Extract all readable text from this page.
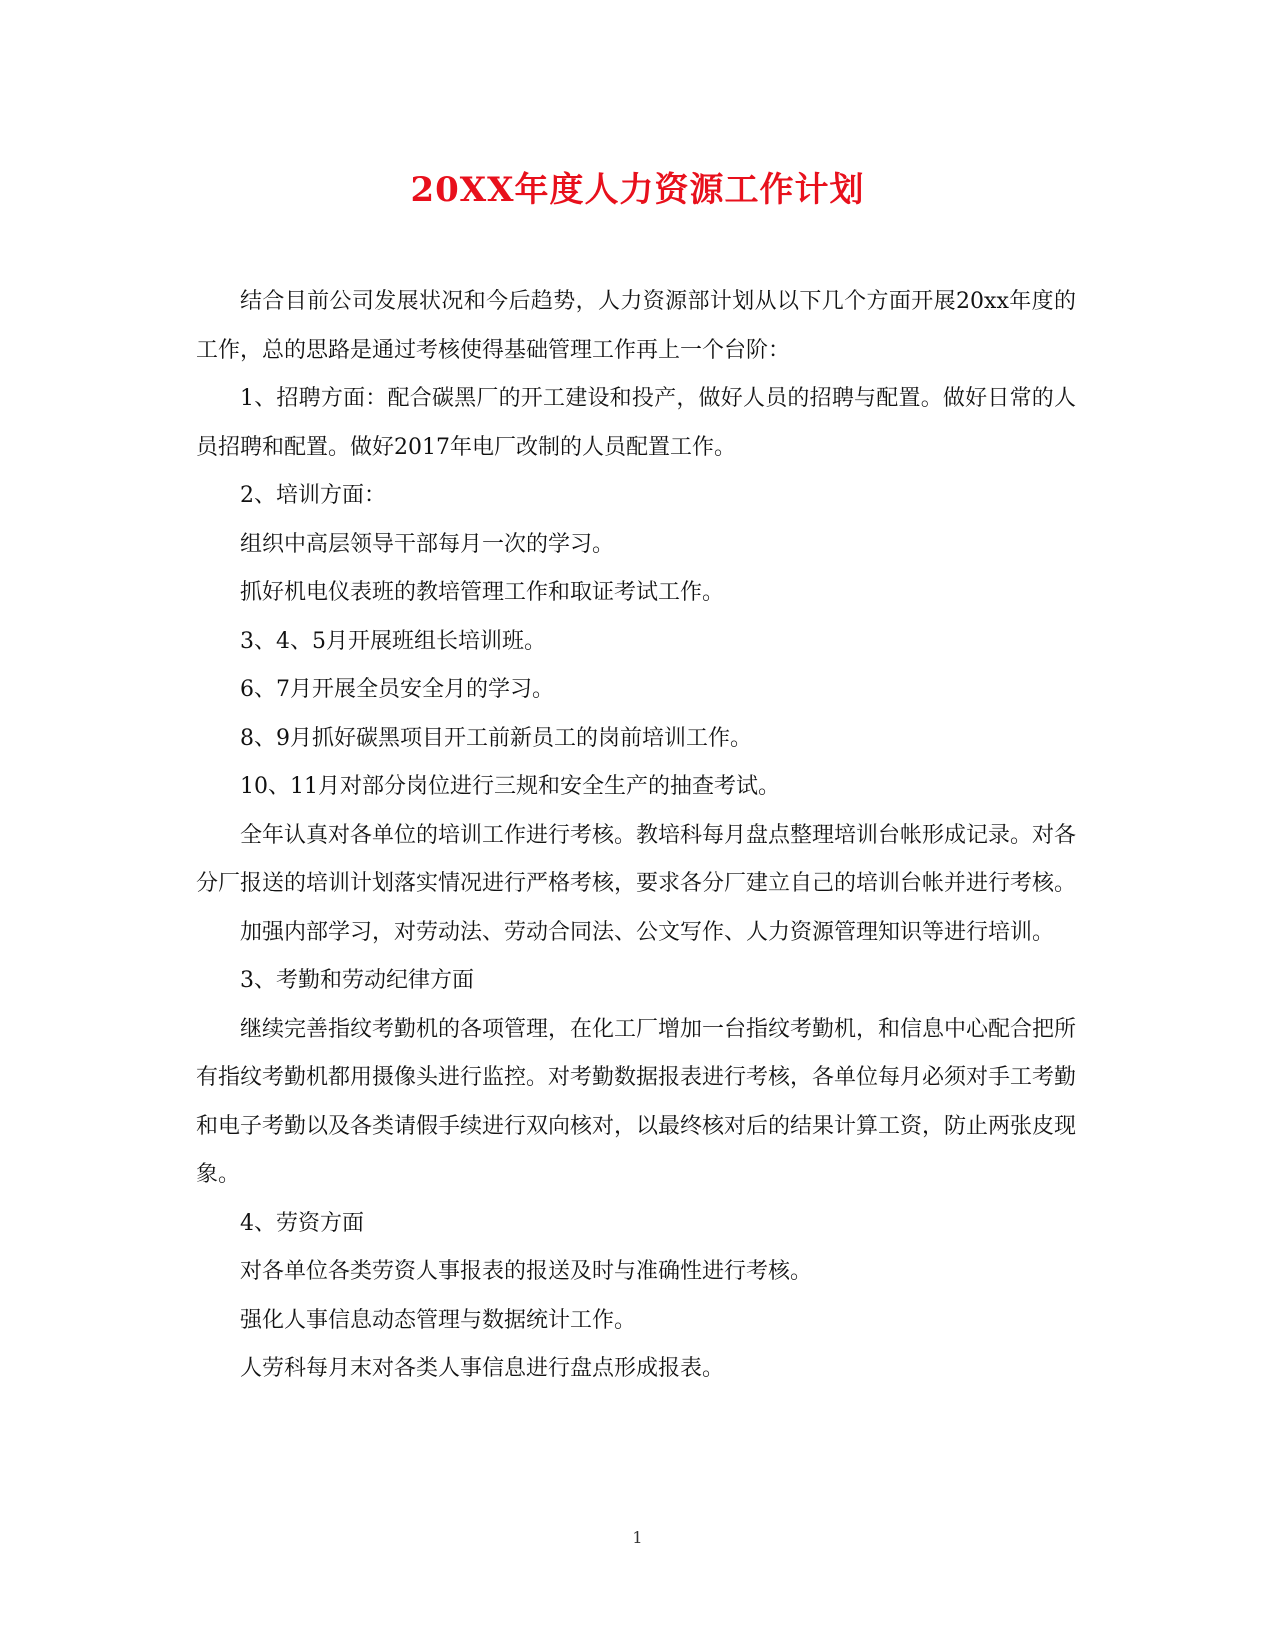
20XX年度人力资源工作计划

结合目前公司发展状况和今后趋势，人力资源部计划从以下几个方面开展20xx年度的工作，总的思路是通过考核使得基础管理工作再上一个台阶：

1、招聘方面：配合碳黑厂的开工建设和投产，做好人员的招聘与配置。做好日常的人员招聘和配置。做好2017年电厂改制的人员配置工作。

2、培训方面：

组织中高层领导干部每月一次的学习。

抓好机电仪表班的教培管理工作和取证考试工作。

3、4、5月开展班组长培训班。

6、7月开展全员安全月的学习。

8、9月抓好碳黑项目开工前新员工的岗前培训工作。

10、11月对部分岗位进行三规和安全生产的抽查考试。

全年认真对各单位的培训工作进行考核。教培科每月盘点整理培训台帐形成记录。对各分厂报送的培训计划落实情况进行严格考核，要求各分厂建立自己的培训台帐并进行考核。

加强内部学习，对劳动法、劳动合同法、公文写作、人力资源管理知识等进行培训。

3、考勤和劳动纪律方面

继续完善指纹考勤机的各项管理，在化工厂增加一台指纹考勤机，和信息中心配合把所有指纹考勤机都用摄像头进行监控。对考勤数据报表进行考核，各单位每月必须对手工考勤和电子考勤以及各类请假手续进行双向核对，以最终核对后的结果计算工资，防止两张皮现象。

4、劳资方面

对各单位各类劳资人事报表的报送及时与准确性进行考核。

强化人事信息动态管理与数据统计工作。

人劳科每月末对各类人事信息进行盘点形成报表。

1
